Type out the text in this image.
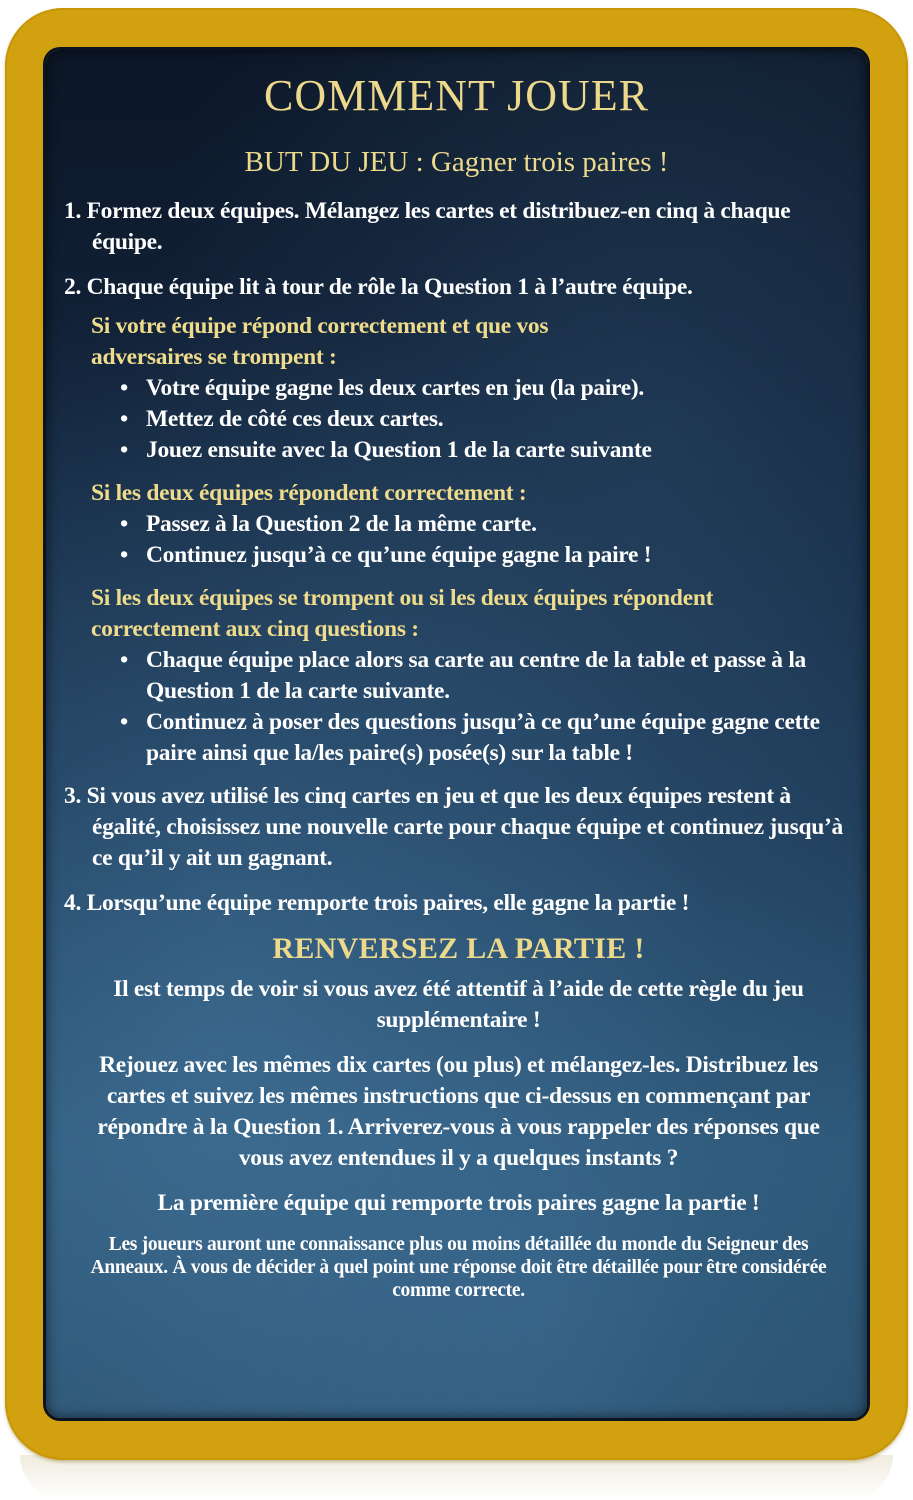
COMMENT JOUER
BUT DU JEU : Gagner trois paires !
1. Formez deux équipes. Mélangez les cartes et distribuez-en cinq à chaque équipe.
2. Chaque équipe lit à tour de rôle la Question 1 à l’autre équipe.
Si votre équipe répond correctement et que vos adversaires se trompent :
• Votre équipe gagne les deux cartes en jeu (la paire).
• Mettez de côté ces deux cartes.
• Jouez ensuite avec la Question 1 de la carte suivante
Si les deux équipes répondent correctement :
• Passez à la Question 2 de la même carte.
• Continuez jusqu’à ce qu’une équipe gagne la paire !
Si les deux équipes se trompent ou si les deux équipes répondent correctement aux cinq questions :
• Chaque équipe place alors sa carte au centre de la table et passe à la Question 1 de la carte suivante.
• Continuez à poser des questions jusqu’à ce qu’une équipe gagne cette paire ainsi que la/les paire(s) posée(s) sur la table !
3. Si vous avez utilisé les cinq cartes en jeu et que les deux équipes restent à égalité, choisissez une nouvelle carte pour chaque équipe et continuez jusqu’à ce qu’il y ait un gagnant.
4. Lorsqu’une équipe remporte trois paires, elle gagne la partie !
RENVERSEZ LA PARTIE !
Il est temps de voir si vous avez été attentif à l’aide de cette règle du jeu supplémentaire !
Rejouez avec les mêmes dix cartes (ou plus) et mélangez-les. Distribuez les cartes et suivez les mêmes instructions que ci-dessus en commençant par répondre à la Question 1. Arriverez-vous à vous rappeler des réponses que vous avez entendues il y a quelques instants ?
La première équipe qui remporte trois paires gagne la partie !
Les joueurs auront une connaissance plus ou moins détaillée du monde du Seigneur des Anneaux. À vous de décider à quel point une réponse doit être détaillée pour être considérée comme correcte.
